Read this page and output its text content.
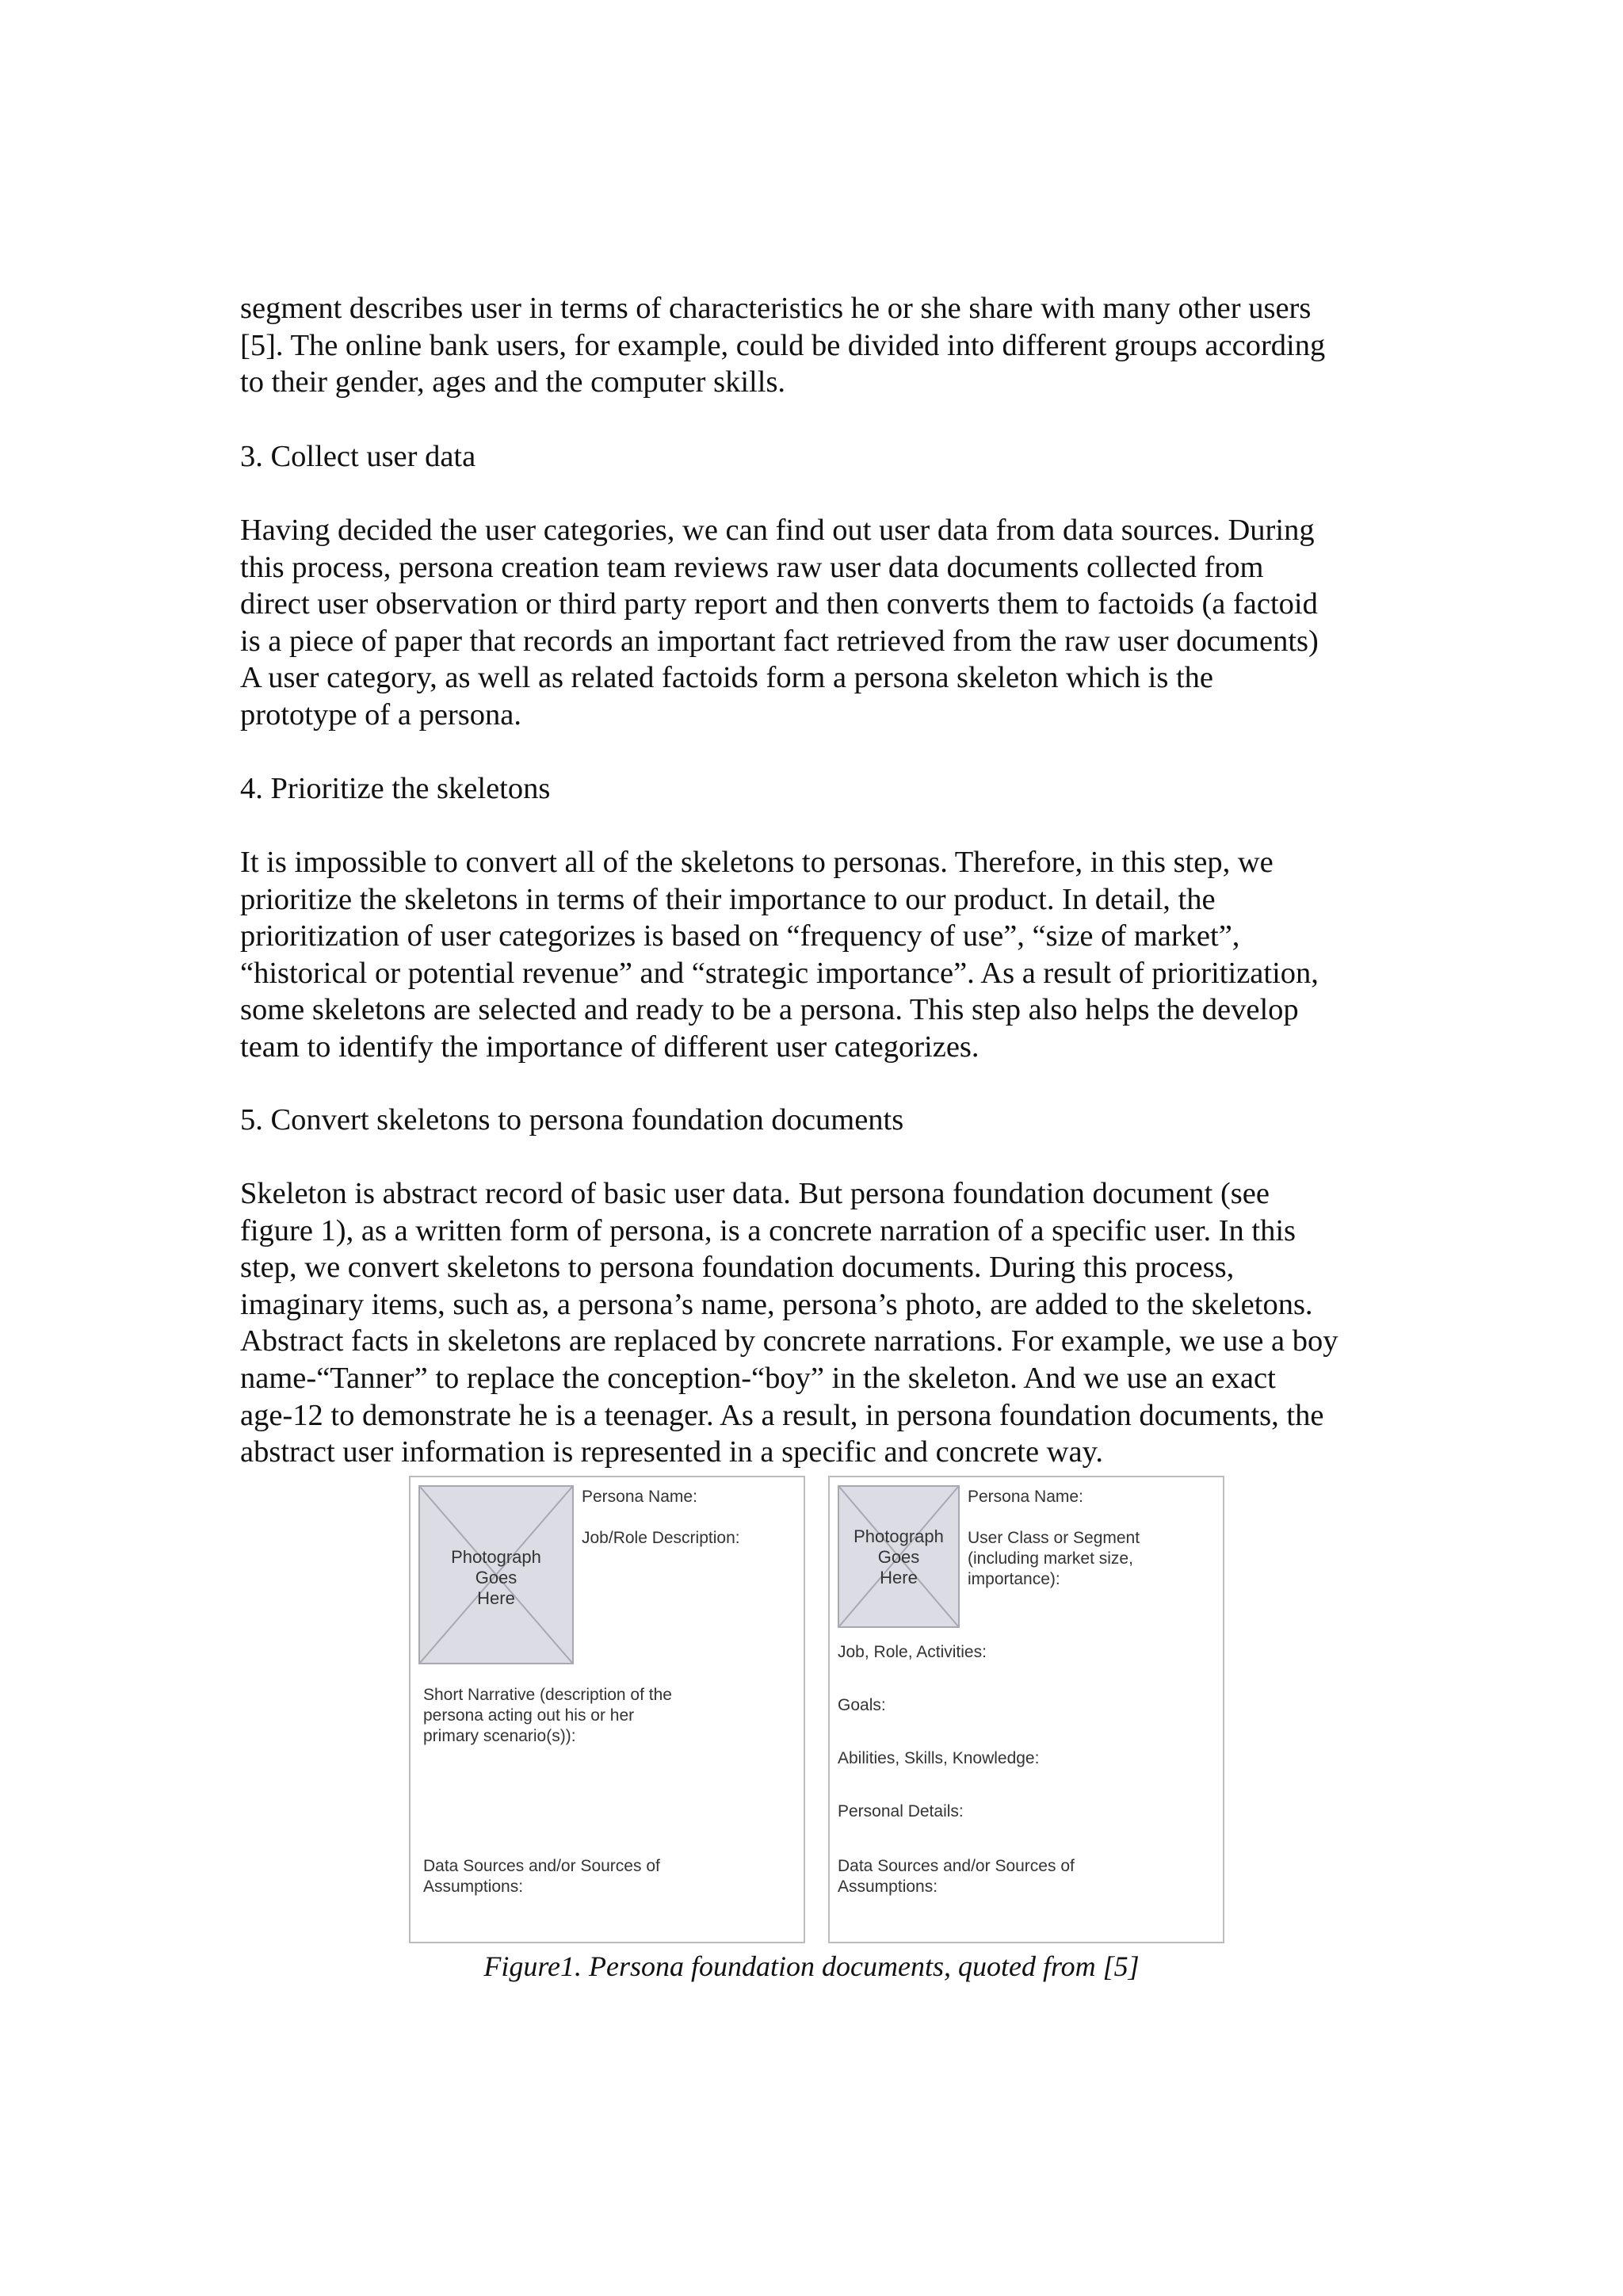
segment describes user in terms of characteristics he or she share with many other users
[5]. The online bank users, for example, could be divided into different groups according
to their gender, ages and the computer skills.

3. Collect user data

Having decided the user categories, we can find out user data from data sources. During
this process, persona creation team reviews raw user data documents collected from
direct user observation or third party report and then converts them to factoids (a factoid
is a piece of paper that records an important fact retrieved from the raw user documents)
A user category, as well as related factoids form a persona skeleton which is the
prototype of a persona.

4. Prioritize the skeletons

It is impossible to convert all of the skeletons to personas. Therefore, in this step, we
prioritize the skeletons in terms of their importance to our product. In detail, the
prioritization of user categorizes is based on “frequency of use”, “size of market”,
“historical or potential revenue” and “strategic importance”. As a result of prioritization,
some skeletons are selected and ready to be a persona. This step also helps the develop
team to identify the importance of different user categorizes.

5. Convert skeletons to persona foundation documents

Skeleton is abstract record of basic user data. But persona foundation document (see
figure 1), as a written form of persona, is a concrete narration of a specific user. In this
step, we convert skeletons to persona foundation documents. During this process,
imaginary items, such as, a persona’s name, persona’s photo, are added to the skeletons.
Abstract facts in skeletons are replaced by concrete narrations. For example, we use a boy
name-“Tanner” to replace the conception-“boy” in the skeleton. And we use an exact
age-12 to demonstrate he is a teenager. As a result, in persona foundation documents, the
abstract user information is represented in a specific and concrete way.

Photograph
Goes
Here
Persona Name:
Job/Role Description:
Short Narrative (description of the
persona acting out his or her
primary scenario(s)):
Data Sources and/or Sources of
Assumptions:
Photograph
Goes
Here
Persona Name:
User Class or Segment
(including market size,
importance):
Job, Role, Activities:
Goals:
Abilities, Skills, Knowledge:
Personal Details:
Data Sources and/or Sources of
Assumptions:
Figure1. Persona foundation documents, quoted from [5]
